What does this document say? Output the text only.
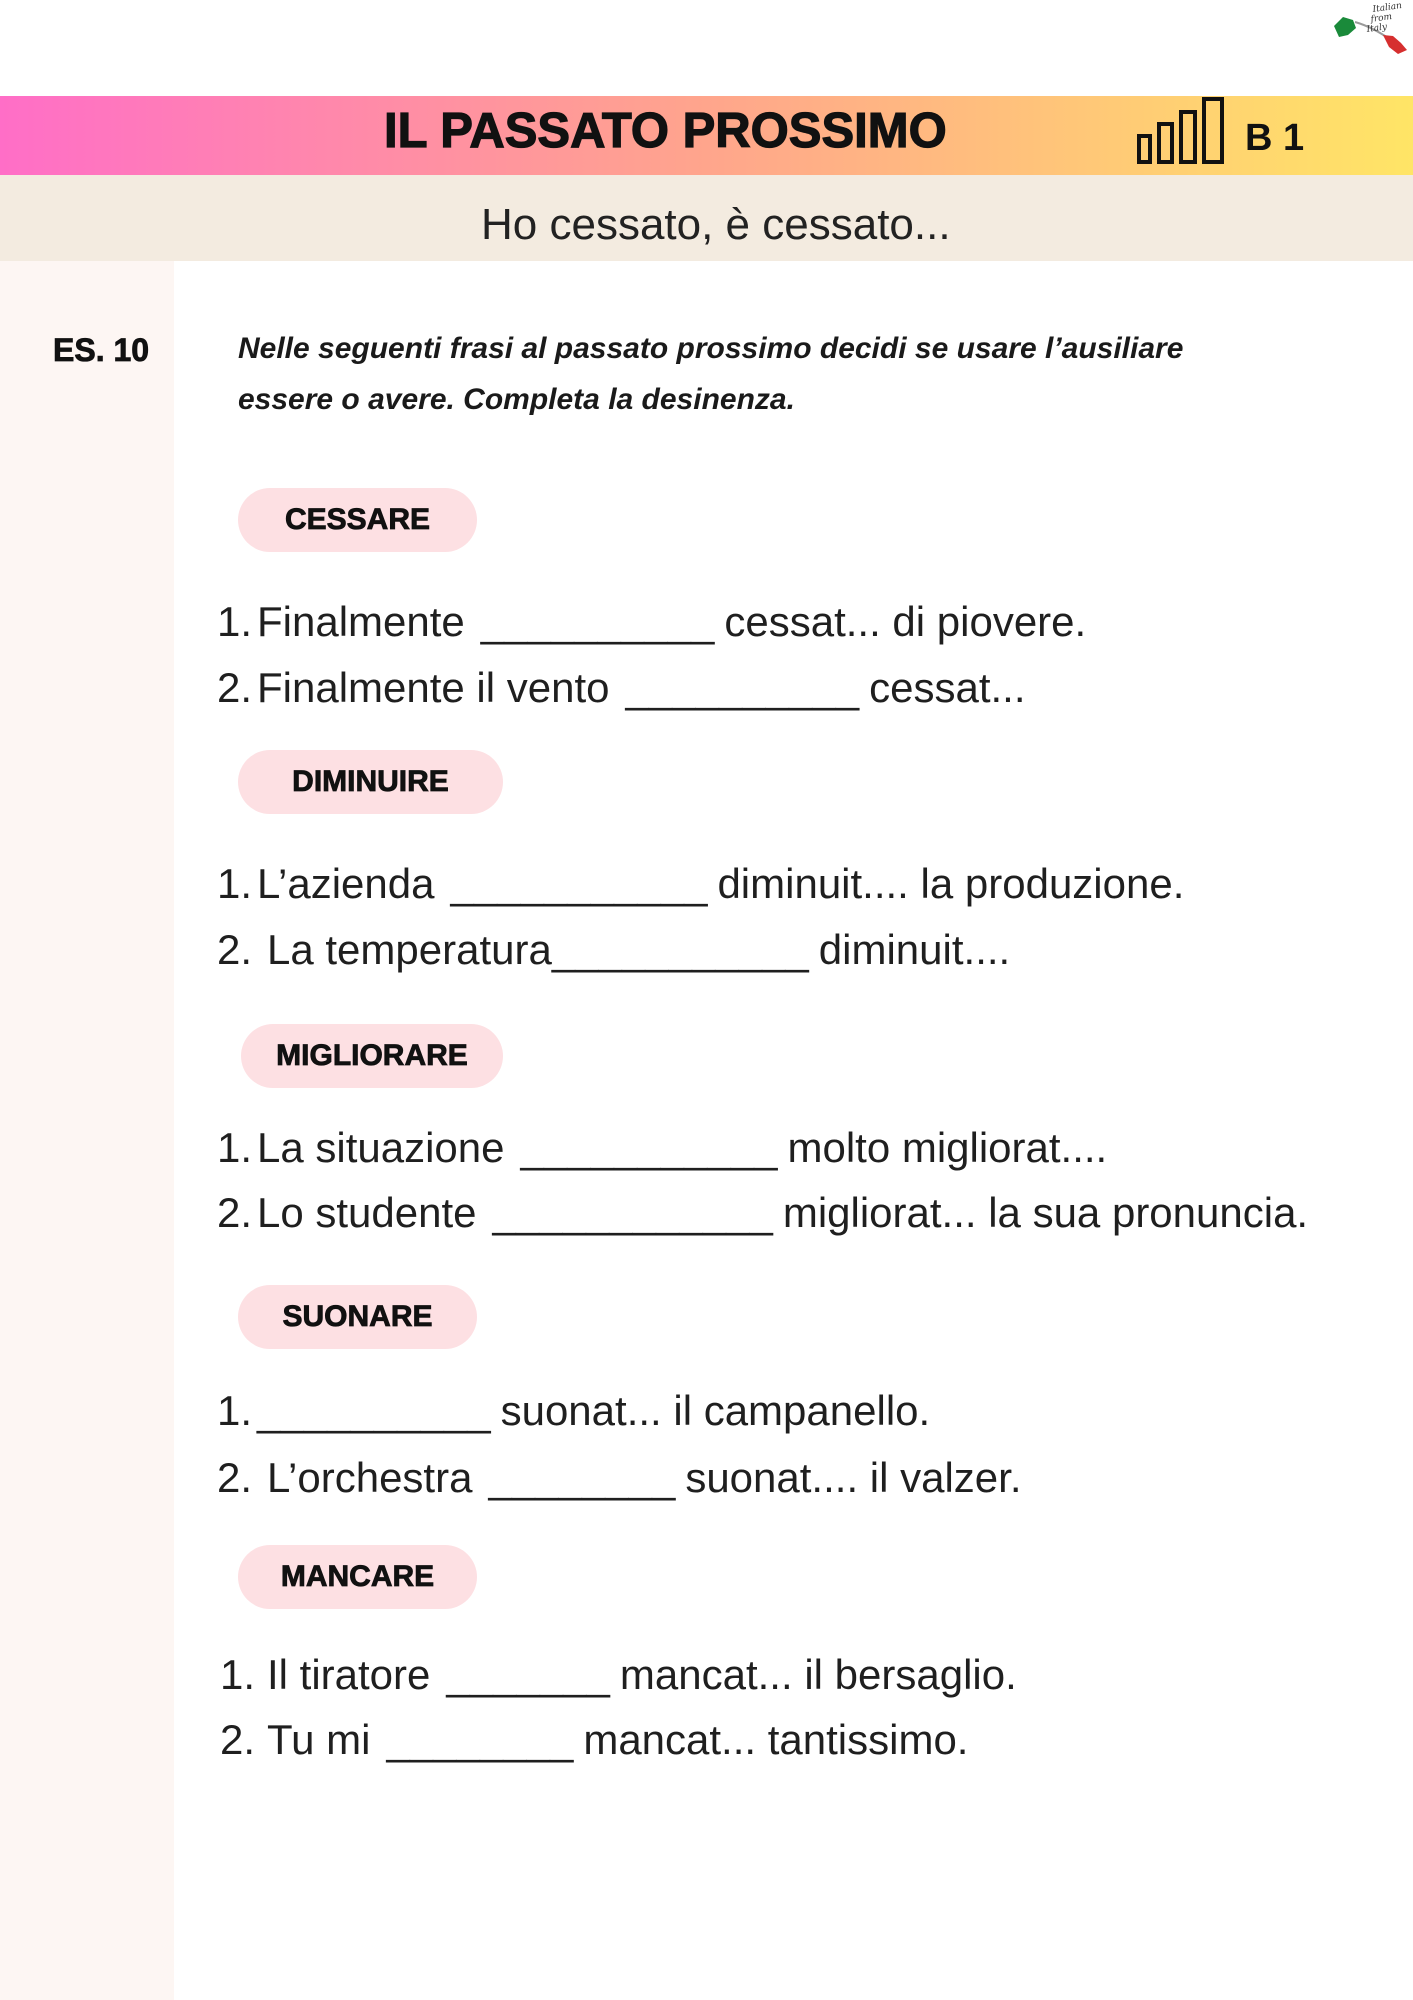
Italian
from
Italy
IL PASSATO PROSSIMO	B 1
Ho cessato, è cessato...
ES. 10	Nelle seguenti frasi al passato prossimo decidi se usare l’ausiliare
essere o avere. Completa la desinenza.
CESSARE
1. Finalmente __________ cessat... di piovere.
2. Finalmente il vento __________ cessat...
DIMINUIRE
1. L’azienda ___________ diminuit.... la produzione.
2. La temperatura___________ diminuit....
MIGLIORARE
1. La situazione ___________ molto migliorat....
2. Lo studente ____________ migliorat... la sua pronuncia.
SUONARE
1. __________ suonat... il campanello.
2. L’orchestra ________ suonat.... il valzer.
MANCARE
1. Il tiratore _______ mancat... il bersaglio.
2. Tu mi ________ mancat... tantissimo.
